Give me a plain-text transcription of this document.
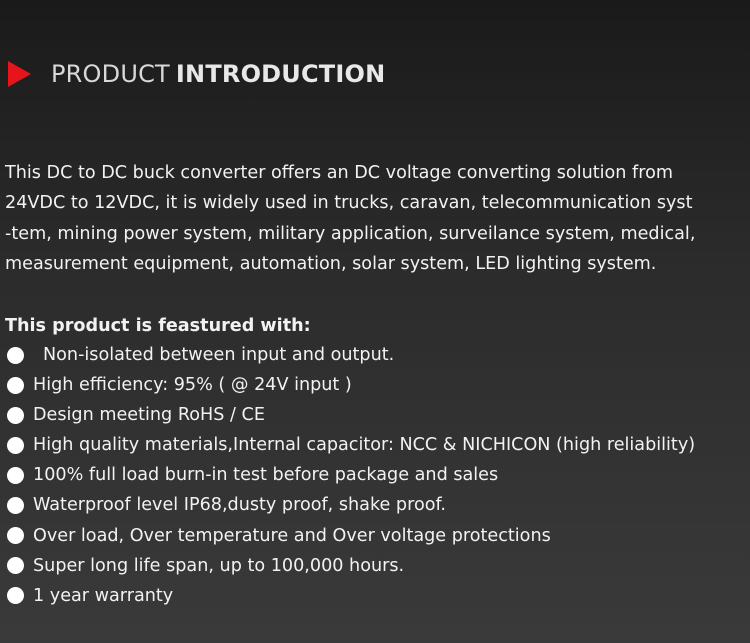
PRODUCT INTRODUCTION
This DC to DC buck converter offers an DC voltage converting solution from
24VDC to 12VDC, it is widely used in trucks, caravan, telecommunication syst
-tem, mining power system, military application, surveilance system, medical,
measurement equipment, automation, solar system, LED lighting system.
This product is feastured with:
Non-isolated between input and output.
High efficiency: 95% ( @ 24V input )
Design meeting RoHS / CE
High quality materials,Internal capacitor: NCC & NICHICON (high reliability)
100% full load burn-in test before package and sales
Waterproof level IP68,dusty proof, shake proof.
Over load, Over temperature and Over voltage protections
Super long life span, up to 100,000 hours.
1 year warranty
